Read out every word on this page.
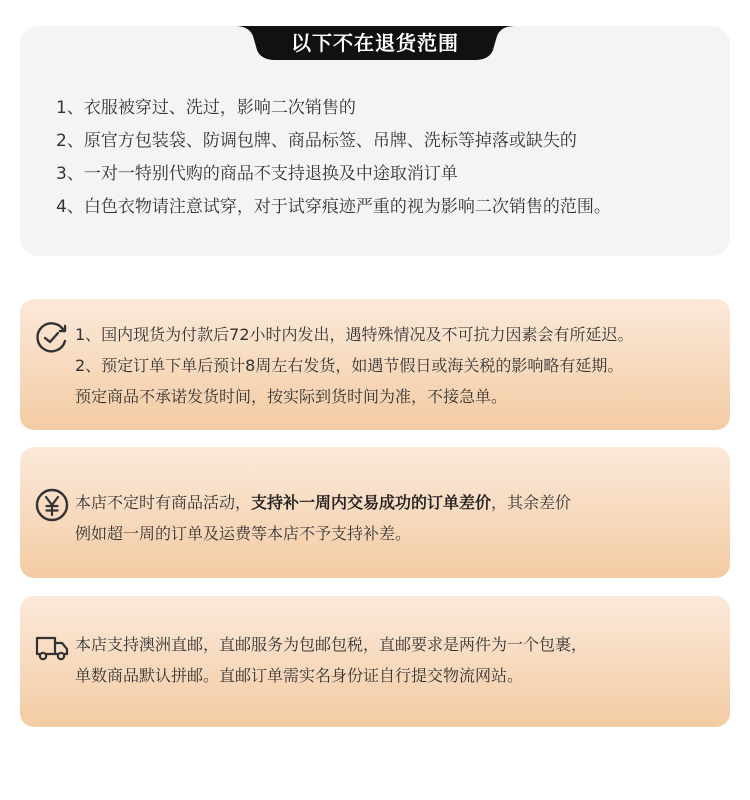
以下不在退货范围
1、衣服被穿过、洗过，影响二次销售的
2、原官方包装袋、防调包牌、商品标签、吊牌、洗标等掉落或缺失的
3、一对一特别代购的商品不支持退换及中途取消订单
4、白色衣物请注意试穿，对于试穿痕迹严重的视为影响二次销售的范围。

1、国内现货为付款后72小时内发出，遇特殊情况及不可抗力因素会有所延迟。

2、预定订单下单后预计8周左右发货，如遇节假日或海关税的影响略有延期。

预定商品不承诺发货时间，按实际到货时间为准，不接急单。

本店不定时有商品活动，支持补一周内交易成功的订单差价，其余差价

例如超一周的订单及运费等本店不予支持补差。

本店支持澳洲直邮，直邮服务为包邮包税，直邮要求是两件为一个包裹，

单数商品默认拼邮。直邮订单需实名身份证自行提交物流网站。
